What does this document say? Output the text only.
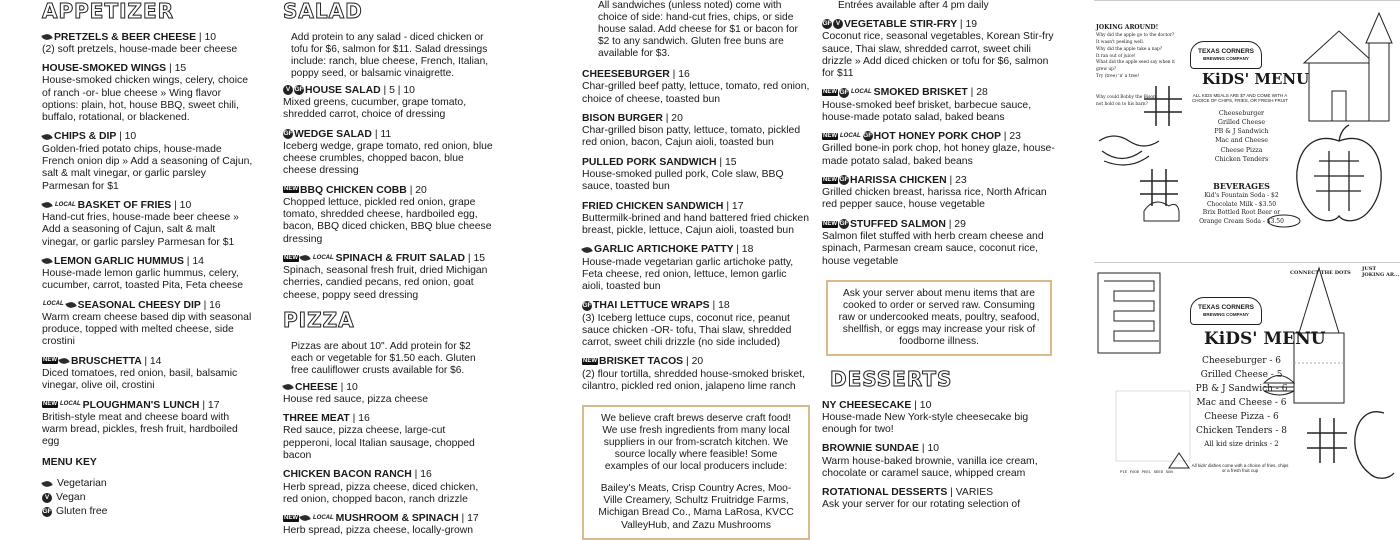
APPETIZER
PRETZELS & BEER CHEESE | 10
(2) soft pretzels, house-made beer cheese
HOUSE-SMOKED WINGS | 15
House-smoked chicken wings, celery, choice of ranch -or- blue cheese » Wing flavor options: plain, hot, house BBQ, sweet chili, buffalo, rotational, or blackened.
CHIPS & DIP | 10
Golden-fried potato chips, house-made French onion dip » Add a seasoning of Cajun, salt & malt vinegar, or garlic parsley Parmesan for $1
LOCAL BASKET OF FRIES | 10
Hand-cut fries, house-made beer cheese » Add a seasoning of Cajun, salt & malt vinegar, or garlic parsley Parmesan for $1
LEMON GARLIC HUMMUS | 14
House-made lemon garlic hummus, celery, cucumber, carrot, toasted Pita, Feta cheese
LOCAL SEASONAL CHEESY DIP | 16
Warm cream cheese based dip with seasonal produce, topped with melted cheese, side crostini
NEW BRUSCHETTA | 14
Diced tomatoes, red onion, basil, balsamic vinegar, olive oil, crostini
NEW LOCAL PLOUGHMAN'S LUNCH | 17
British-style meat and cheese board with warm bread, pickles, fresh fruit, hardboiled egg
MENU KEY
Vegetarian
V Vegan
GF Gluten free
SALAD
Add protein to any salad - diced chicken or tofu for $6, salmon for $11. Salad dressings include: ranch, blue cheese, French, Italian, poppy seed, or balsamic vinaigrette.
V GFHOUSE SALAD | 5 | 10
Mixed greens, cucumber, grape tomato, shredded carrot, choice of dressing
GFWEDGE SALAD | 11
Iceberg wedge, grape tomato, red onion, blue cheese crumbles, chopped bacon, blue cheese dressing
NEW BBQ CHICKEN COBB | 20
Chopped lettuce, pickled red onion, grape tomato, shredded cheese, hardboiled egg, bacon, BBQ diced chicken, BBQ blue cheese dressing
NEW	LOCAL SPINACH & FRUIT SALAD | 15
Spinach, seasonal fresh fruit, dried Michigan cherries, candied pecans, red onion, goat cheese, poppy seed dressing
PIZZA
Pizzas are about 10". Add protein for $2 each or vegetable for $1.50 each. Gluten free cauliflower crusts available for $6.
CHEESE | 10
House red sauce, pizza cheese
THREE MEAT | 16
Red sauce, pizza cheese, large-cut pepperoni, local Italian sausage, chopped bacon
CHICKEN BACON RANCH | 16
Herb spread, pizza cheese, diced chicken, red onion, chopped bacon, ranch drizzle
NEW	LOCAL MUSHROOM & SPINACH | 17
Herb spread, pizza cheese, locally-grown
All sandwiches (unless noted) come with choice of side: hand-cut fries, chips, or side house salad. Add cheese for $1 or bacon for $2 to any sandwich. Gluten free buns are available for $3.
CHEESEBURGER | 16
Char-grilled beef patty, lettuce, tomato, red onion, choice of cheese, toasted bun
BISON BURGER | 20
Char-grilled bison patty, lettuce, tomato, pickled red onion, bacon, Cajun aioli, toasted bun
PULLED PORK SANDWICH | 15
House-smoked pulled pork, Cole slaw, BBQ sauce, toasted bun
FRIED CHICKEN SANDWICH | 17
Buttermilk-brined and hand battered fried chicken breast, pickle, lettuce, Cajun aioli, toasted bun
GARLIC ARTICHOKE PATTY | 18
House-made vegetarian garlic artichoke patty, Feta cheese, red onion, lettuce, lemon garlic aioli, toasted bun
GFTHAI LETTUCE WRAPS | 18
(3) Iceberg lettuce cups, coconut rice, peanut sauce chicken -OR- tofu, Thai slaw, shredded carrot, sweet chili drizzle (no side included)
NEW BRISKET TACOS | 20
(2) flour tortilla, shredded house-smoked brisket, cilantro, pickled red onion, jalapeno lime ranch
We believe craft brews deserve craft food! We use fresh ingredients from many local suppliers in our from-scratch kitchen. We source locally where feasible! Some examples of our local producers include:
Bailey's Meats, Crisp Country Acres, Moo-Ville Creamery, Schultz Fruitridge Farms, Michigan Bread Co., Mama LaRosa, KVCC ValleyHub, and Zazu Mushrooms
Entrées available after 4 pm daily
GF V VEGETABLE STIR-FRY | 19
Coconut rice, seasonal vegetables, Korean Stir-fry sauce, Thai slaw, shredded carrot, sweet chili drizzle » Add diced chicken or tofu for $6, salmon for $11
NEW GF LOCAL SMOKED BRISKET | 28
House-smoked beef brisket, barbecue sauce, house-made potato salad, baked beans
NEW LOCAL GFHOT HONEY PORK CHOP | 23
Grilled bone-in pork chop, hot honey glaze, house-made potato salad, baked beans
NEW GFHARISSA CHICKEN | 23
Grilled chicken breast, harissa rice, North African red pepper sauce, house vegetable
NEW GFSTUFFED SALMON | 29
Salmon filet stuffed with herb cream cheese and spinach, Parmesan cream sauce, coconut rice, house vegetable
Ask your server about menu items that are cooked to order or served raw. Consuming raw or undercooked meats, poultry, seafood, shellfish, or eggs may increase your risk of foodborne illness.
DESSERTS
NY CHEESECAKE | 10
House-made New York-style cheesecake big enough for two!
BROWNIE SUNDAE | 10
Warm house-baked brownie, vanilla ice cream, chocolate or caramel sauce, whipped cream
ROTATIONAL DESSERTS | VARIES
Ask your server for our rotating selection of
JOKING AROUND!
Why did the apple go to the doctor?
It wasn't peeling well.
Why did the apple take a nap?
It ran out of juice!
What did the apple seed say when it grew up?
Try (tree) 'n' a tree!
Why could Bobby the Bison
not hold on to his barn?
TEXAS CORNERS
BREWING COMPANY
KiDS' MENU
ALL KIDS MEALS ARE $7 AND COME WITH A CHOICE OF CHIPS, FRIES, OR FRESH FRUIT
Cheeseburger
Grilled Cheese
PB & J Sandwich
Mac and Cheese
Cheese Pizza
Chicken Tenders
BEVERAGES
Kid's Fountain Soda - $2
Chocolate Milk - $3.50
Brix Bottled Root Beer or Orange Cream Soda - $3.50
PIE FOOD PEEL SEED SUN
CONNECT THE DOTS
JUST JOKING AR...
TEXAS CORNERS
BREWING COMPANY
KiDS' MENU
Cheeseburger - 6
Grilled Cheese - 5
PB & J Sandwich - 6
Mac and Cheese - 6
Cheese Pizza - 6
Chicken Tenders - 8
All kid size drinks - 2
All kids' dishes come with a choice of fries, chips or a fresh fruit cup
